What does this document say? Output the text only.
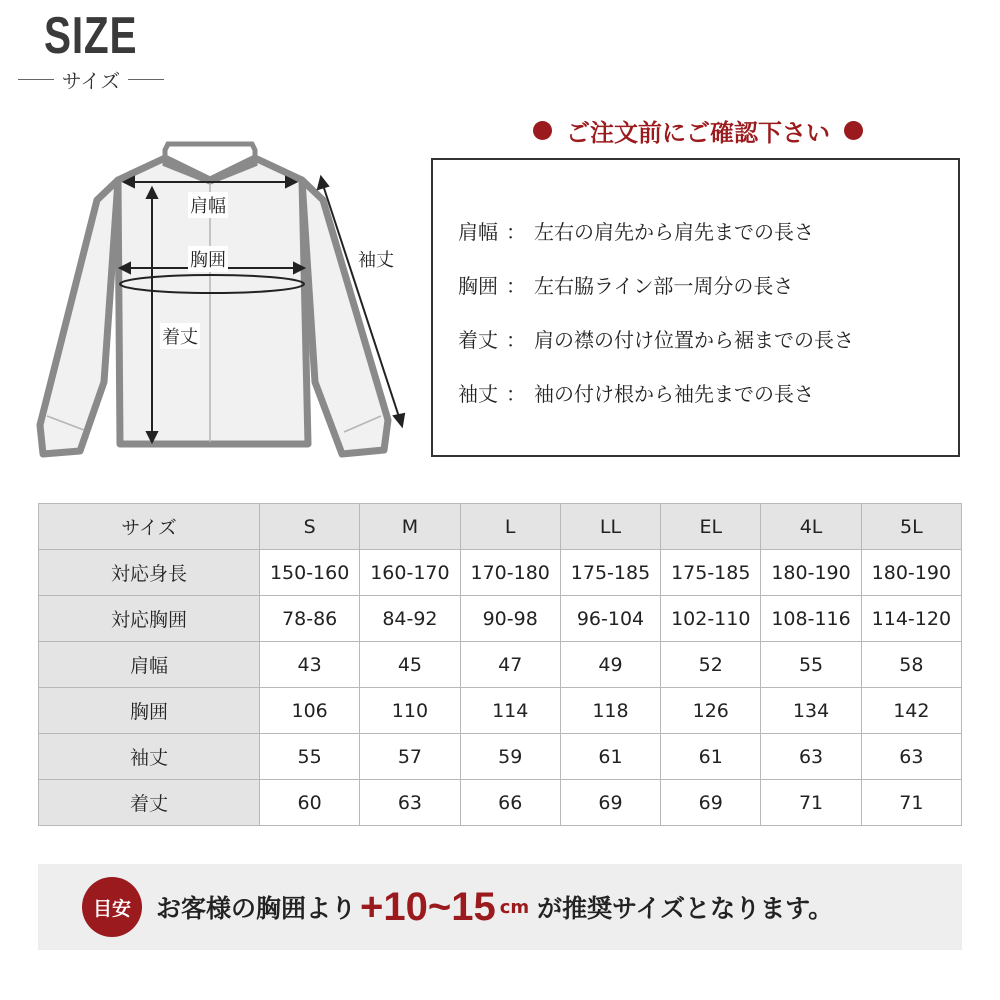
SIZE
サイズ
肩幅
胸囲	袖丈
着丈
ご注文前にご確認下さい
肩幅 ： 左右の肩先から肩先までの長さ
胸囲 ： 左右脇ライン部一周分の長さ
着丈 ： 肩の襟の付け位置から裾までの長さ
袖丈 ： 袖の付け根から袖先までの長さ
サイズ	S	M	L	LL	EL	4L	5L
対応身長	150-160	160-170	170-180	175-185	175-185	180-190	180-190
対応胸囲	78-86	84-92	90-98	96-104	102-110	108-116	114-120
肩幅	43	45	47	49	52	55	58
胸囲	106	110	114	118	126	134	142
袖丈	55	57	59	61	61	63	63
着丈	60	63	66	69	69	71	71
目安	お客様の胸囲より +10~15 cm が推奨サイズとなります。
